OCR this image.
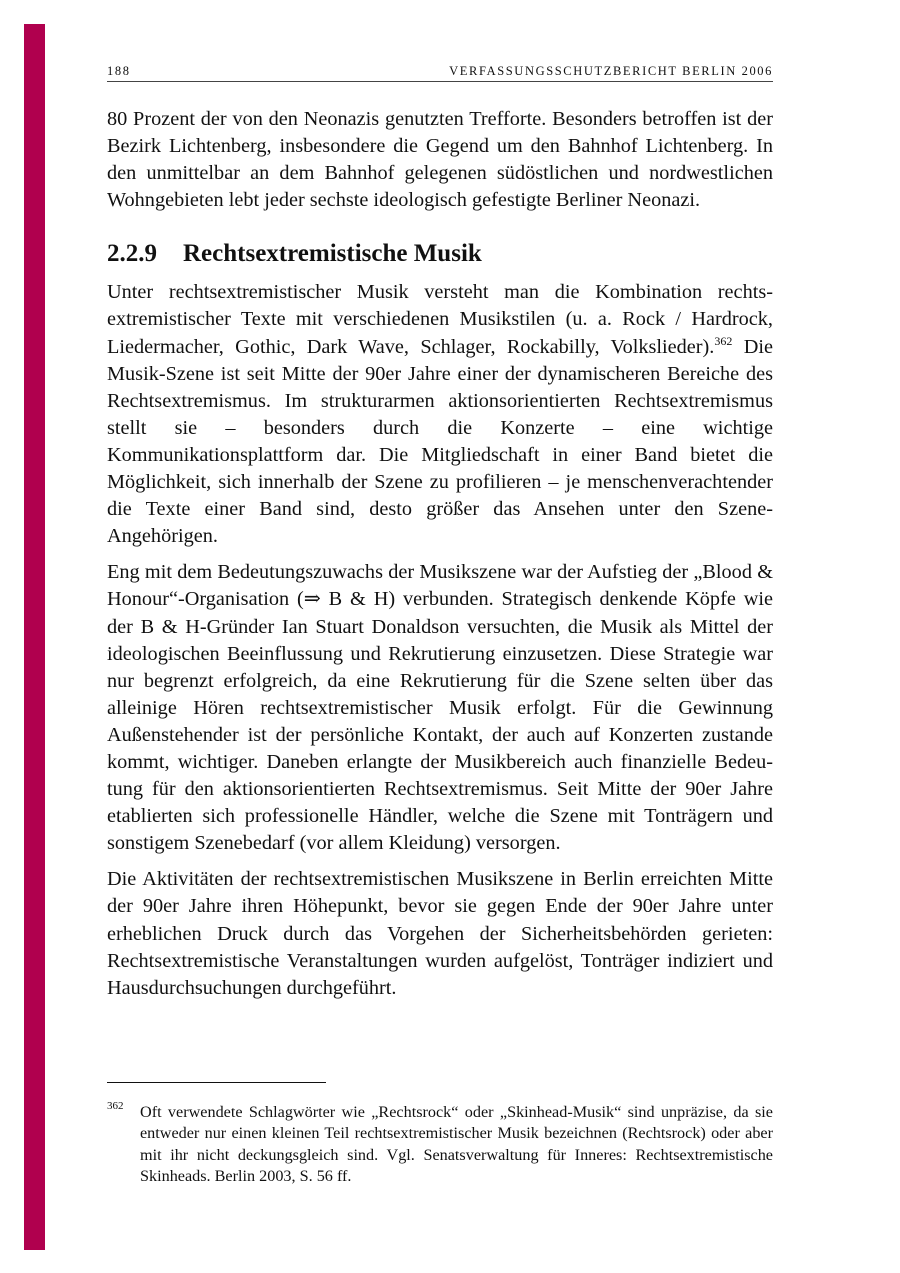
188	VERFASSUNGSSCHUTZBERICHT BERLIN 2006

80 Prozent der von den Neonazis genutzten Trefforte. Besonders betroffen ist der Bezirk Lichtenberg, insbesondere die Gegend um den Bahnhof Lichtenberg. In den unmittelbar an dem Bahnhof gelegenen südöstlichen und nordwestlichen Wohngebieten lebt jeder sechste ideologisch gefestigte Berliner Neonazi.

2.2.9 Rechtsextremistische Musik

Unter rechtsextremistischer Musik versteht man die Kombination rechtsextremistischer Texte mit verschiedenen Musikstilen (u. a. Rock / Hardrock, Liedermacher, Gothic, Dark Wave, Schlager, Rockabilly, Volkslieder).$^{362}$ Die Musik-Szene ist seit Mitte der 90er Jahre einer der dynamischeren Bereiche des Rechtsextremismus. Im strukturarmen aktionsorientierten Rechtsextremismus stellt sie – besonders durch die Konzerte – eine wichtige Kommunikationsplattform dar. Die Mitgliedschaft in einer Band bietet die Möglichkeit, sich innerhalb der Szene zu profilieren – je menschenverachtender die Texte einer Band sind, desto größer das Ansehen unter den Szene-Angehörigen.

Eng mit dem Bedeutungszuwachs der Musikszene war der Aufstieg der „Blood & Honour“-Organisation (⇒ B & H) verbunden. Strategisch denkende Köpfe wie der B & H-Gründer Ian Stuart Donaldson versuchten, die Musik als Mittel der ideologischen Beeinflussung und Rekrutierung einzusetzen. Diese Strategie war nur begrenzt erfolgreich, da eine Rekrutierung für die Szene selten über das alleinige Hören rechtsextremistischer Musik erfolgt. Für die Gewinnung Außenstehender ist der persönliche Kontakt, der auch auf Konzerten zustande kommt, wichtiger. Daneben erlangte der Musikbereich auch finanzielle Bedeutung für den aktionsorientierten Rechtsextremismus. Seit Mitte der 90er Jahre etablierten sich professionelle Händler, welche die Szene mit Tonträgern und sonstigem Szenebedarf (vor allem Kleidung) versorgen.

Die Aktivitäten der rechtsextremistischen Musikszene in Berlin erreichten Mitte der 90er Jahre ihren Höhepunkt, bevor sie gegen Ende der 90er Jahre unter erheblichen Druck durch das Vorgehen der Sicherheitsbehörden gerieten: Rechtsextremistische Veranstaltungen wurden aufgelöst, Tonträger indiziert und Hausdurchsuchungen durchgeführt.

362 Oft verwendete Schlagwörter wie „Rechtsrock“ oder „Skinhead-Musik“ sind unpräzise, da sie entweder nur einen kleinen Teil rechtsextremistischer Musik bezeichnen (Rechtsrock) oder aber mit ihr nicht deckungsgleich sind. Vgl. Senatsverwaltung für Inneres: Rechtsextremistische Skinheads. Berlin 2003, S. 56 ff.
